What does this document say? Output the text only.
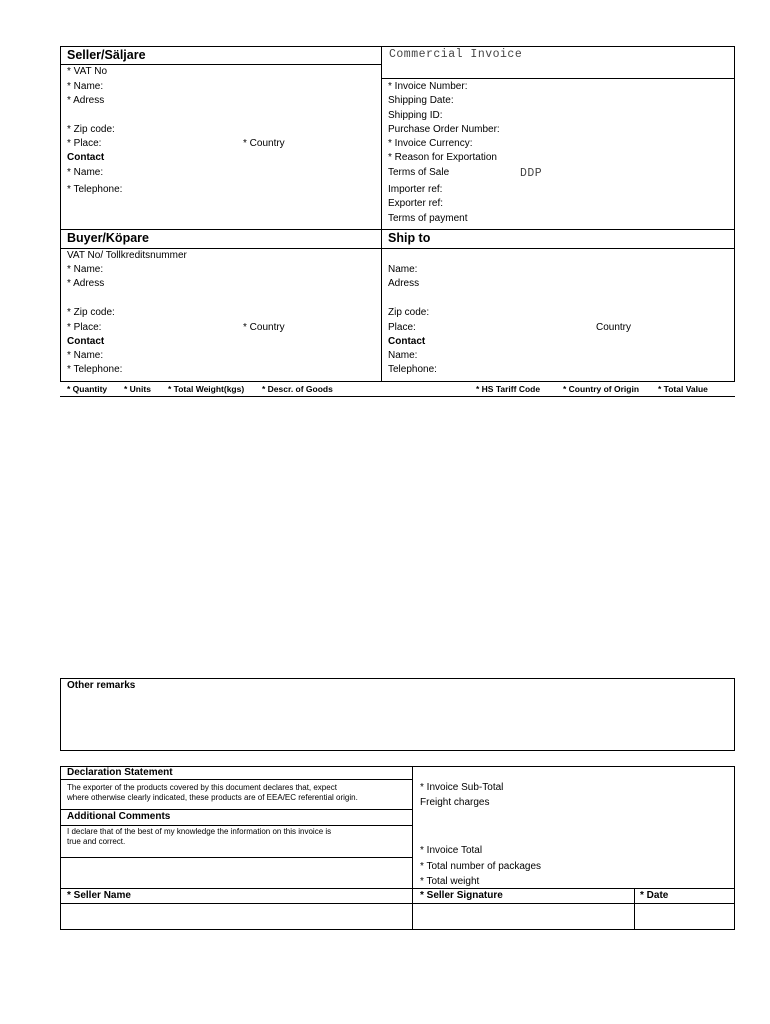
Seller/Säljare
* VAT No
* Name:
* Adress
* Zip code:
* Place:	* Country
Contact
* Name:
* Telephone:
Commercial Invoice
* Invoice Number:
Shipping Date:
Shipping ID:
Purchase Order Number:
* Invoice Currency:
* Reason for Exportation
Terms of Sale	DDP
Importer ref:
Exporter ref:
Terms of payment
Buyer/Köpare
VAT No/ Tollkreditsnummer
* Name:
* Adress
* Zip code:
* Place:	* Country
Contact
* Name:
* Telephone:
Ship to
Name:
Adress
Zip code:
Place:	Country
Contact
Name:
Telephone:
* Quantity * Units * Total Weight(kgs) * Descr. of Goods	* HS Tariff Code	* Country of Origin * Total Value
Other remarks
Declaration Statement
The exporter of the products covered by this document declares that, expect
where otherwise clearly indicated, these products are of EEA/EC referential origin.
Additional Comments
I declare that of the best of my knowledge the information on this invoice is
true and correct.
* Invoice Sub-Total
Freight charges
* Invoice Total
* Total number of packages
* Total weight
* Seller Name	* Seller Signature	* Date
